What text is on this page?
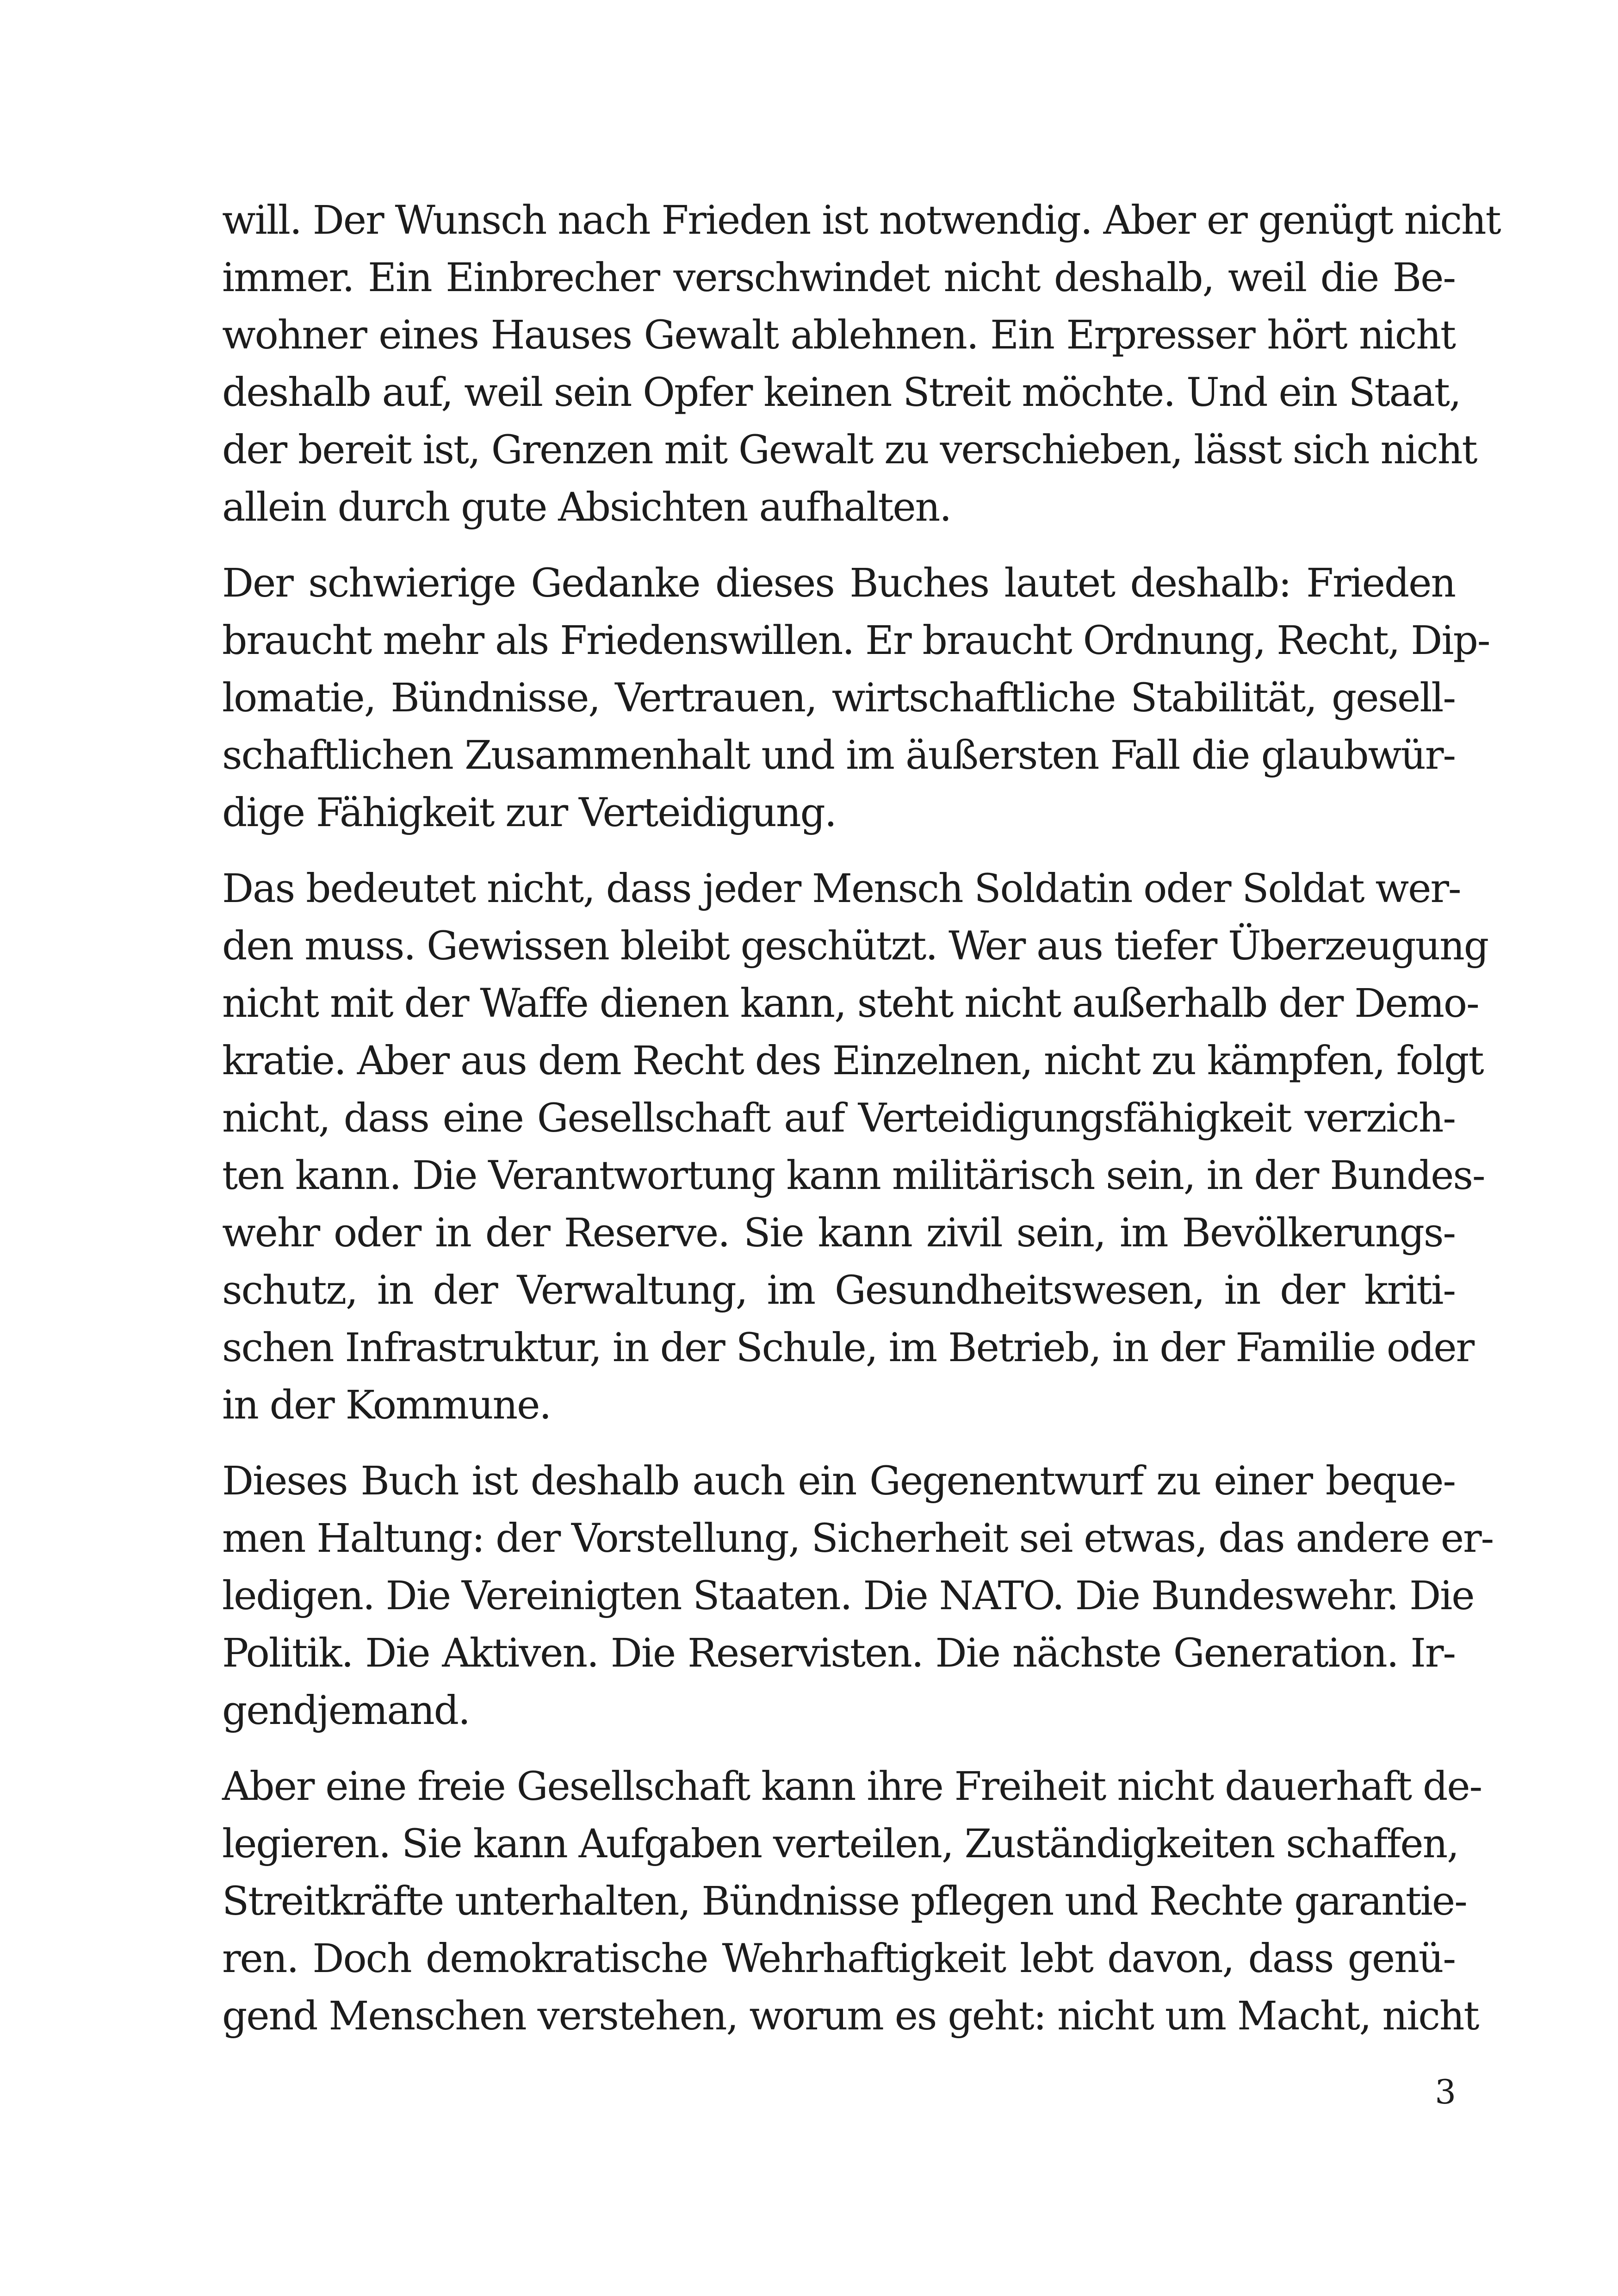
will. Der Wunsch nach Frieden ist notwendig. Aber er genügt nicht
immer. Ein Einbrecher verschwindet nicht deshalb, weil die Be-
wohner eines Hauses Gewalt ablehnen. Ein Erpresser hört nicht
deshalb auf, weil sein Opfer keinen Streit möchte. Und ein Staat,
der bereit ist, Grenzen mit Gewalt zu verschieben, lässt sich nicht
allein durch gute Absichten aufhalten.

Der schwierige Gedanke dieses Buches lautet deshalb: Frieden
braucht mehr als Friedenswillen. Er braucht Ordnung, Recht, Dip-
lomatie, Bündnisse, Vertrauen, wirtschaftliche Stabilität, gesell-
schaftlichen Zusammenhalt und im äußersten Fall die glaubwür-
dige Fähigkeit zur Verteidigung.

Das bedeutet nicht, dass jeder Mensch Soldatin oder Soldat wer-
den muss. Gewissen bleibt geschützt. Wer aus tiefer Überzeugung
nicht mit der Waffe dienen kann, steht nicht außerhalb der Demo-
kratie. Aber aus dem Recht des Einzelnen, nicht zu kämpfen, folgt
nicht, dass eine Gesellschaft auf Verteidigungsfähigkeit verzich-
ten kann. Die Verantwortung kann militärisch sein, in der Bundes-
wehr oder in der Reserve. Sie kann zivil sein, im Bevölkerungs-
schutz, in der Verwaltung, im Gesundheitswesen, in der kriti-
schen Infrastruktur, in der Schule, im Betrieb, in der Familie oder
in der Kommune.

Dieses Buch ist deshalb auch ein Gegenentwurf zu einer beque-
men Haltung: der Vorstellung, Sicherheit sei etwas, das andere er-
ledigen. Die Vereinigten Staaten. Die NATO. Die Bundeswehr. Die
Politik. Die Aktiven. Die Reservisten. Die nächste Generation. Ir-
gendjemand.

Aber eine freie Gesellschaft kann ihre Freiheit nicht dauerhaft de-
legieren. Sie kann Aufgaben verteilen, Zuständigkeiten schaffen,
Streitkräfte unterhalten, Bündnisse pflegen und Rechte garantie-
ren. Doch demokratische Wehrhaftigkeit lebt davon, dass genü-
gend Menschen verstehen, worum es geht: nicht um Macht, nicht

3
